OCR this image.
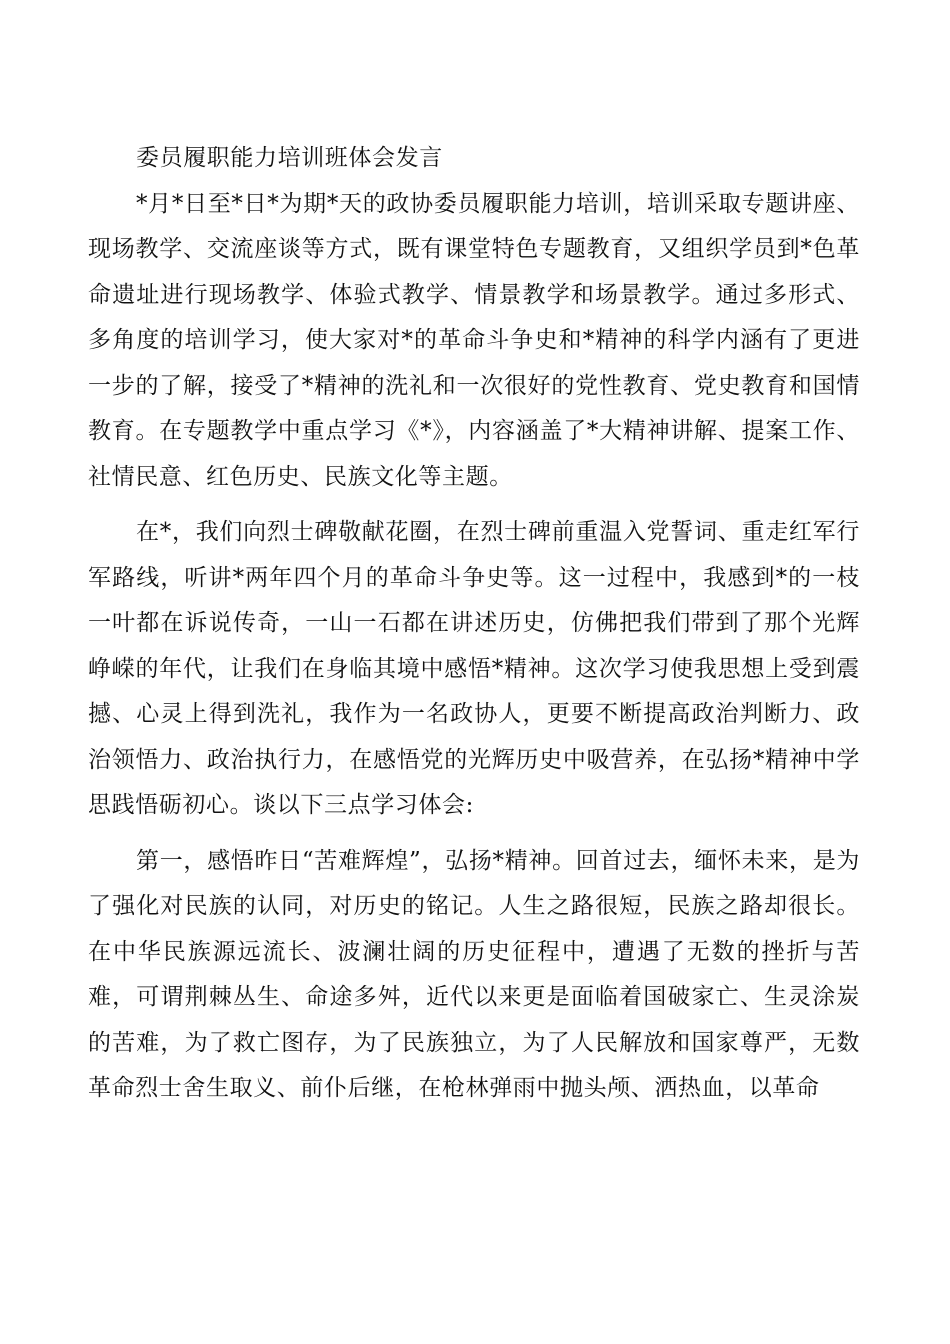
委员履职能力培训班体会发言

*月*日至*日*为期*天的政协委员履职能力培训，培训采取专题讲座、现场教学、交流座谈等方式，既有课堂特色专题教育，又组织学员到*色革命遗址进行现场教学、体验式教学、情景教学和场景教学。通过多形式、多角度的培训学习，使大家对*的革命斗争史和*精神的科学内涵有了更进一步的了解，接受了*精神的洗礼和一次很好的党性教育、党史教育和国情教育。在专题教学中重点学习《*》，内容涵盖了*大精神讲解、提案工作、社情民意、红色历史、民族文化等主题。

在*，我们向烈士碑敬献花圈，在烈士碑前重温入党誓词、重走红军行军路线，听讲*两年四个月的革命斗争史等。这一过程中，我感到*的一枝一叶都在诉说传奇，一山一石都在讲述历史，仿佛把我们带到了那个光辉峥嵘的年代，让我们在身临其境中感悟*精神。这次学习使我思想上受到震撼、心灵上得到洗礼，我作为一名政协人，更要不断提高政治判断力、政治领悟力、政治执行力，在感悟党的光辉历史中吸营养，在弘扬*精神中学思践悟砺初心。谈以下三点学习体会:

第一，感悟昨日“苦难辉煌”，弘扬*精神。回首过去，缅怀未来，是为了强化对民族的认同，对历史的铭记。人生之路很短，民族之路却很长。在中华民族源远流长、波澜壮阔的历史征程中，遭遇了无数的挫折与苦难，可谓荆棘丛生、命途多舛，近代以来更是面临着国破家亡、生灵涂炭的苦难，为了救亡图存，为了民族独立，为了人民解放和国家尊严，无数革命烈士舍生取义、前仆后继，在枪林弹雨中抛头颅、洒热血，以革命
